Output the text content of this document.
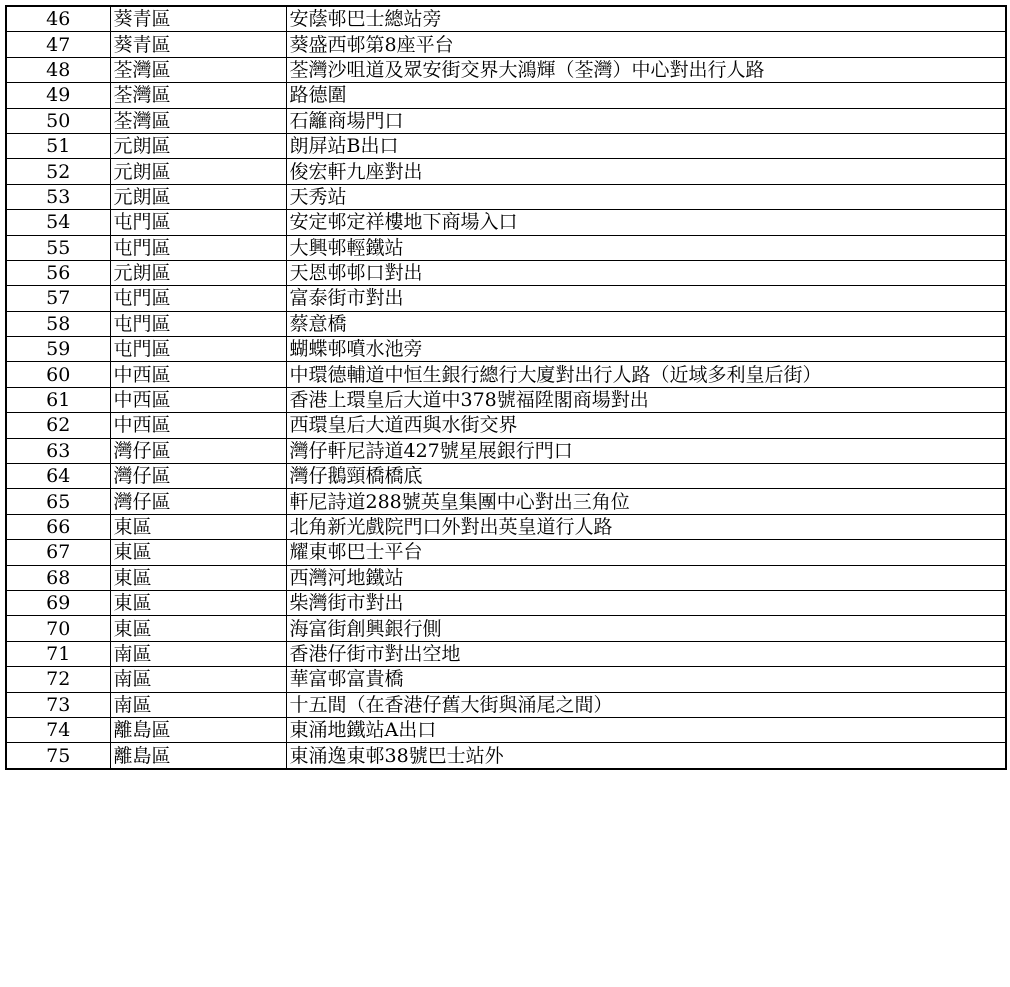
46	葵青區	安蔭邨巴士總站旁
47	葵青區	葵盛西邨第8座平台
48	荃灣區	荃灣沙咀道及眾安街交界大鴻輝（荃灣）中心對出行人路
49	荃灣區	路德圍
50	荃灣區	石籬商場門口
51	元朗區	朗屏站B出口
52	元朗區	俊宏軒九座對出
53	元朗區	天秀站
54	屯門區	安定邨定祥樓地下商場入口
55	屯門區	大興邨輕鐵站
56	元朗區	天恩邨邨口對出
57	屯門區	富泰街市對出
58	屯門區	蔡意橋
59	屯門區	蝴蝶邨噴水池旁
60	中西區	中環德輔道中恒生銀行總行大廈對出行人路（近域多利皇后街）
61	中西區	香港上環皇后大道中378號福陞閣商場對出
62	中西區	西環皇后大道西與水街交界
63	灣仔區	灣仔軒尼詩道427號星展銀行門口
64	灣仔區	灣仔鵝頸橋橋底
65	灣仔區	軒尼詩道288號英皇集團中心對出三角位
66	東區	北角新光戲院門口外對出英皇道行人路
67	東區	耀東邨巴士平台
68	東區	西灣河地鐵站
69	東區	柴灣街市對出
70	東區	海富街創興銀行側
71	南區	香港仔街市對出空地
72	南區	華富邨富貴橋
73	南區	十五間（在香港仔舊大街與涌尾之間）
74	離島區	東涌地鐵站A出口
75	離島區	東涌逸東邨38號巴士站外
